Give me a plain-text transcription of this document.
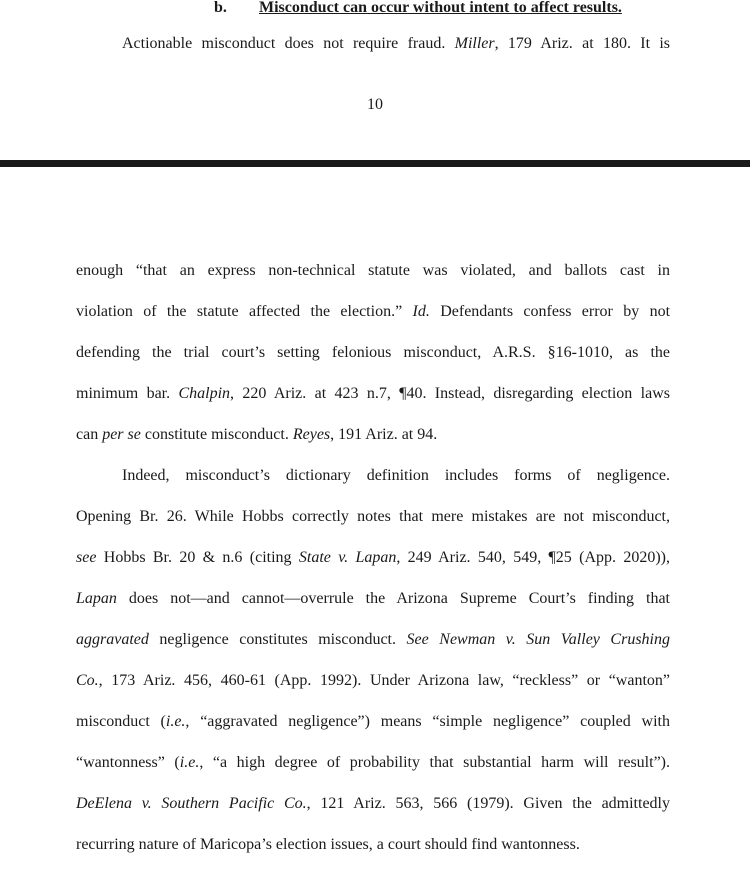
b. Misconduct can occur without intent to affect results.
Actionable misconduct does not require fraud. Miller, 179 Ariz. at 180. It is
10
enough “that an express non-technical statute was violated, and ballots cast in
violation of the statute affected the election.” Id. Defendants confess error by not
defending the trial court’s setting felonious misconduct, A.R.S. §16-1010, as the
minimum bar. Chalpin, 220 Ariz. at 423 n.7, ¶40. Instead, disregarding election laws
can per se constitute misconduct. Reyes, 191 Ariz. at 94.
Indeed, misconduct’s dictionary definition includes forms of negligence.
Opening Br. 26. While Hobbs correctly notes that mere mistakes are not misconduct,
see Hobbs Br. 20 & n.6 (citing State v. Lapan, 249 Ariz. 540, 549, ¶25 (App. 2020)),
Lapan does not—and cannot—overrule the Arizona Supreme Court’s finding that
aggravated negligence constitutes misconduct. See Newman v. Sun Valley Crushing
Co., 173 Ariz. 456, 460-61 (App. 1992). Under Arizona law, “reckless” or “wanton”
misconduct (i.e., “aggravated negligence”) means “simple negligence” coupled with
“wantonness” (i.e., “a high degree of probability that substantial harm will result”).
DeElena v. Southern Pacific Co., 121 Ariz. 563, 566 (1979). Given the admittedly
recurring nature of Maricopa’s election issues, a court should find wantonness.
